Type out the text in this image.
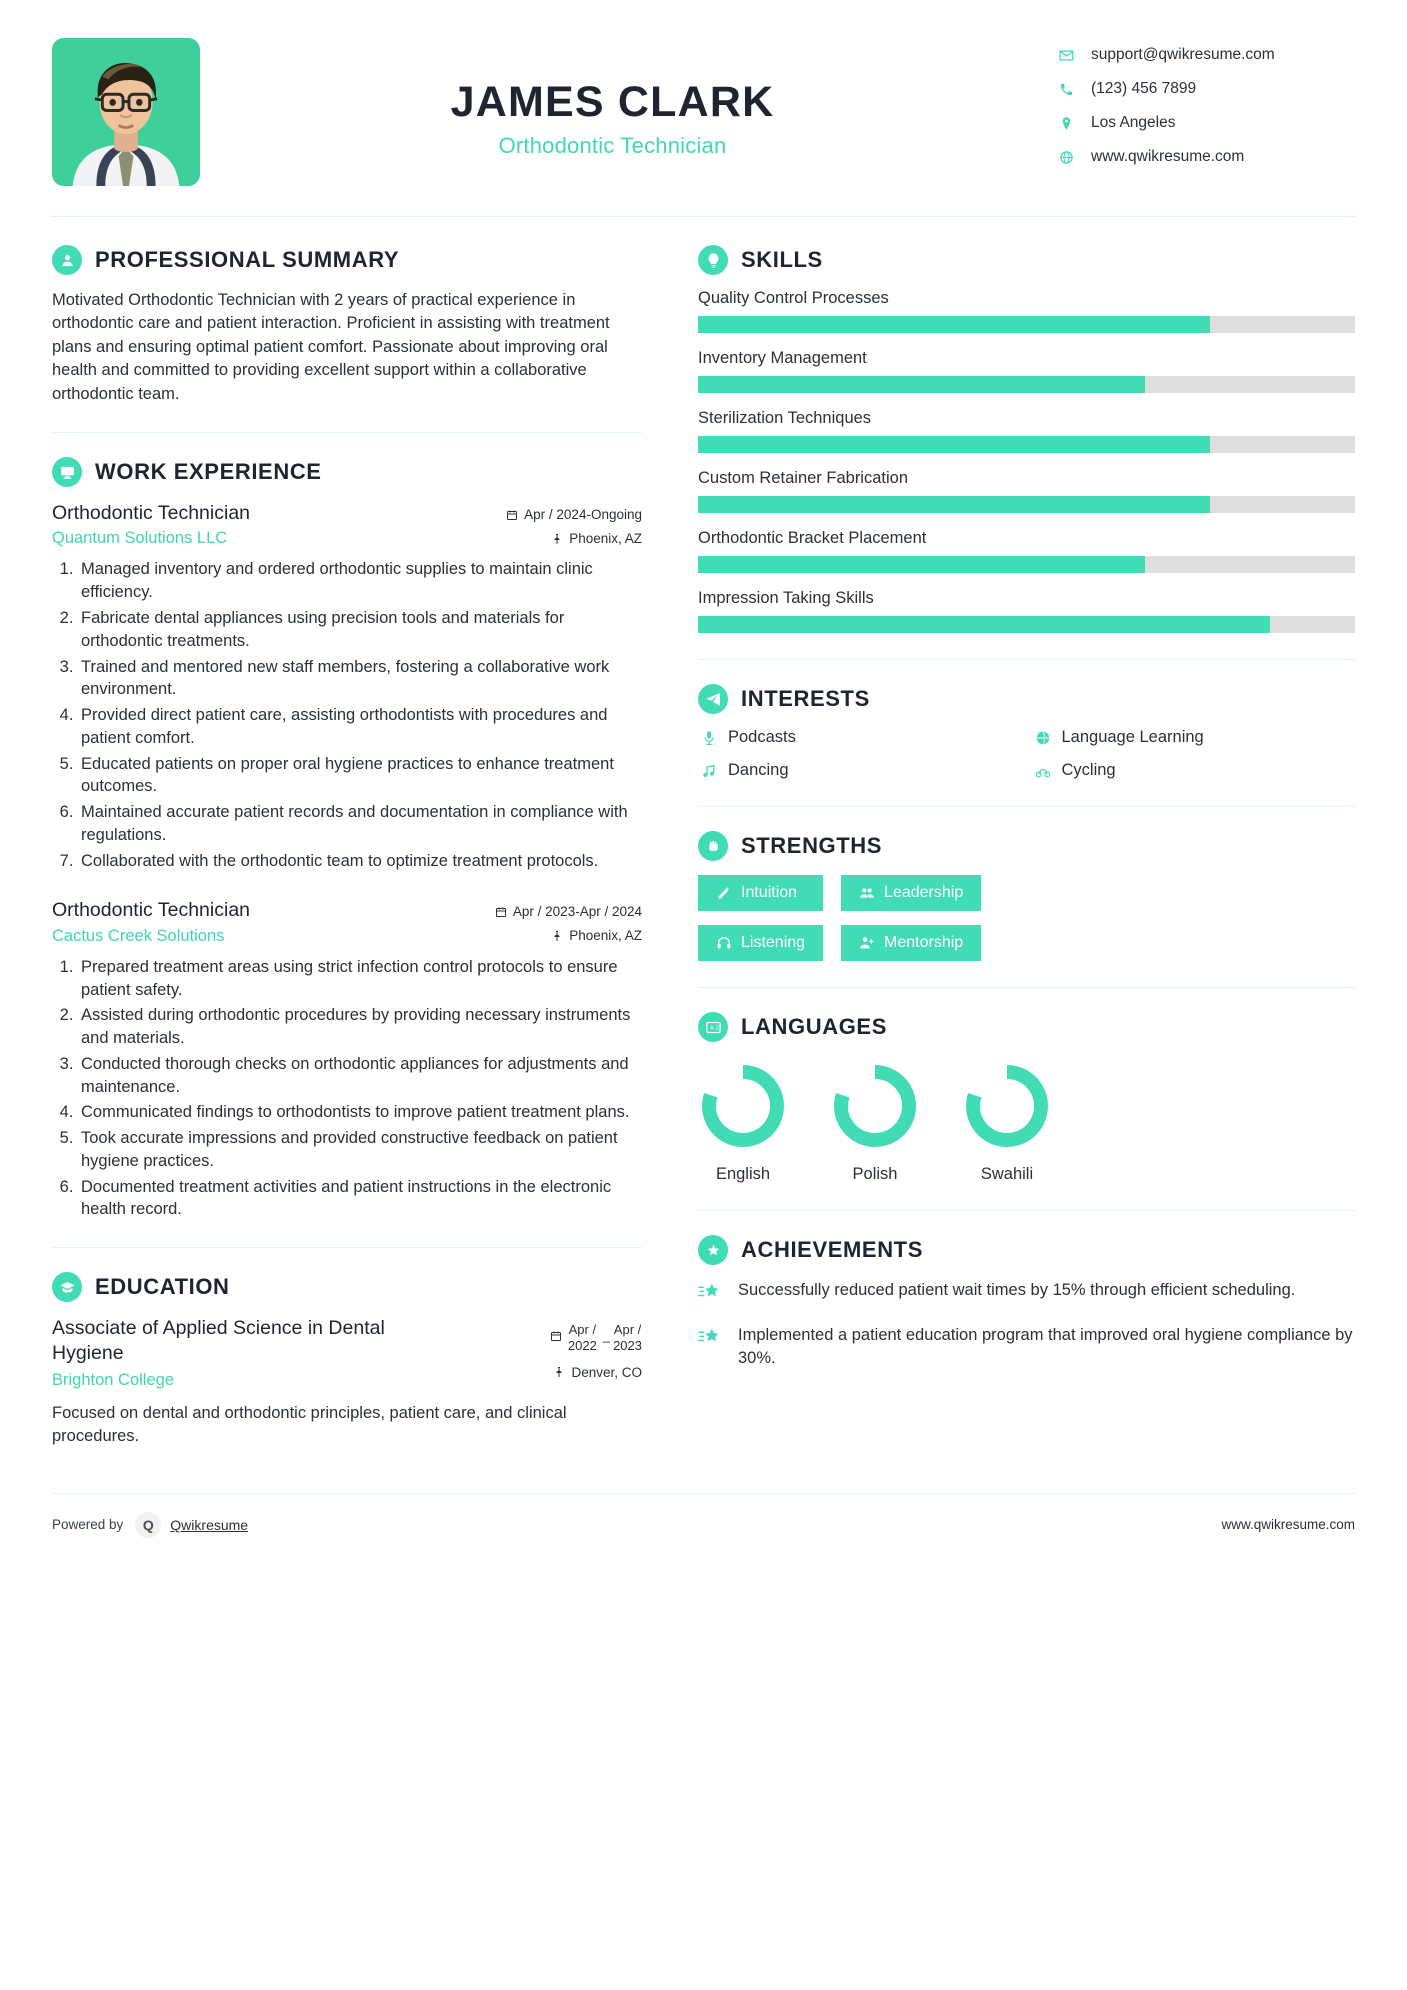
JAMES CLARK
Orthodontic Technician
support@qwikresume.com
(123) 456 7899
Los Angeles
www.qwikresume.com
PROFESSIONAL SUMMARY
Motivated Orthodontic Technician with 2 years of practical experience in orthodontic care and patient interaction. Proficient in assisting with treatment plans and ensuring optimal patient comfort. Passionate about improving oral health and committed to providing excellent support within a collaborative orthodontic team.
WORK EXPERIENCE
Orthodontic Technician
Quantum Solutions LLC
Apr / 2024-Ongoing
Phoenix, AZ
1. Managed inventory and ordered orthodontic supplies to maintain clinic efficiency.
2. Fabricate dental appliances using precision tools and materials for orthodontic treatments.
3. Trained and mentored new staff members, fostering a collaborative work environment.
4. Provided direct patient care, assisting orthodontists with procedures and patient comfort.
5. Educated patients on proper oral hygiene practices to enhance treatment outcomes.
6. Maintained accurate patient records and documentation in compliance with regulations.
7. Collaborated with the orthodontic team to optimize treatment protocols.
Orthodontic Technician
Cactus Creek Solutions
Apr / 2023-Apr / 2024
Phoenix, AZ
1. Prepared treatment areas using strict infection control protocols to ensure patient safety.
2. Assisted during orthodontic procedures by providing necessary instruments and materials.
3. Conducted thorough checks on orthodontic appliances for adjustments and maintenance.
4. Communicated findings to orthodontists to improve patient treatment plans.
5. Took accurate impressions and provided constructive feedback on patient hygiene practices.
6. Documented treatment activities and patient instructions in the electronic health record.
EDUCATION
Associate of Applied Science in Dental Hygiene
Brighton College
Apr /
2022
_ Apr /
2023
Denver, CO
Focused on dental and orthodontic principles, patient care, and clinical procedures.
SKILLS
Quality Control Processes
Inventory Management
Sterilization Techniques
Custom Retainer Fabrication
Orthodontic Bracket Placement
Impression Taking Skills
INTERESTS
Podcasts	Language Learning
Dancing	Cycling
STRENGTHS
Intuition	Leadership
Listening	Mentorship
A 文 LANGUAGES
English	Polish	Swahili
ACHIEVEMENTS
Successfully reduced patient wait times by 15% through efficient scheduling.
Implemented a patient education program that improved oral hygiene compliance by 30%.
Powered by	Q	Qwikresume	www.qwikresume.com
